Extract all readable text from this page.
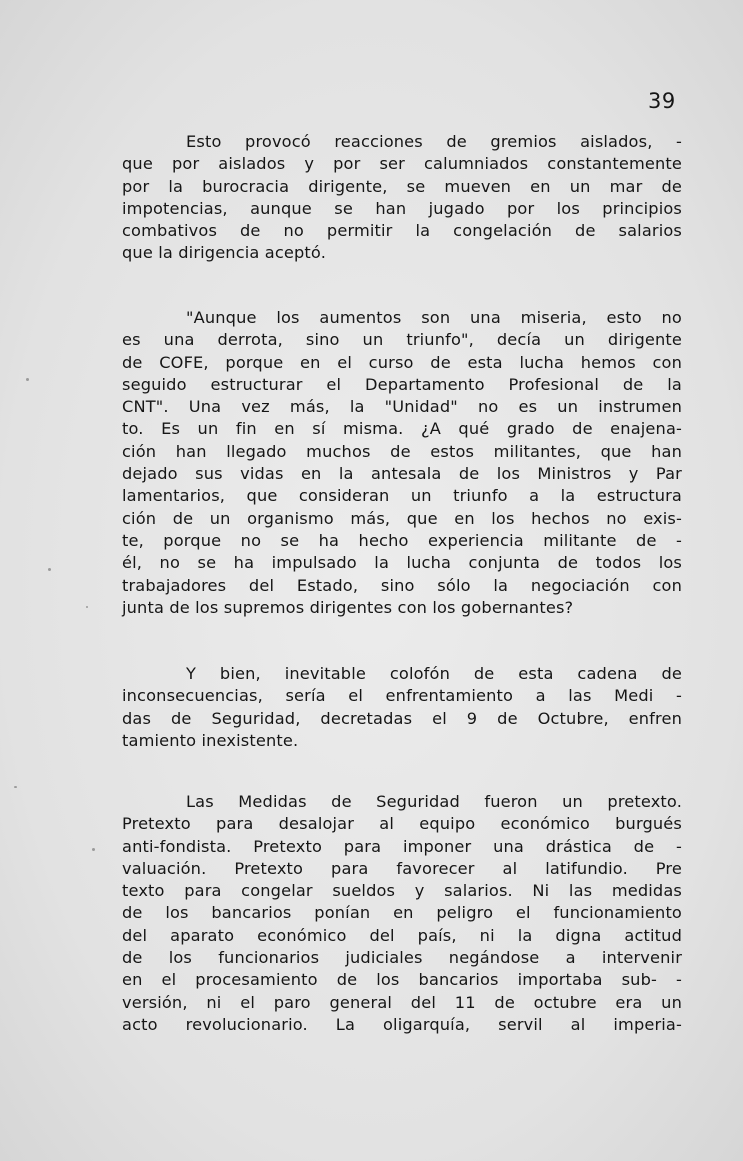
39
Esto provocó reacciones de gremios aislados, -
que por aislados y por ser calumniados constantemente
por la burocracia dirigente, se mueven en un mar de
impotencias, aunque se han jugado por los principios
combativos de no permitir la congelación de salarios
que la dirigencia aceptó.
"Aunque los aumentos son una miseria, esto no
es una derrota, sino un triunfo", decía un dirigente
de COFE, porque en el curso de esta lucha hemos con
seguido estructurar el Departamento Profesional de la
CNT". Una vez más, la "Unidad" no es un instrumen
to. Es un fin en sí misma. ¿A qué grado de enajena-
ción han llegado muchos de estos militantes, que han
dejado sus vidas en la antesala de los Ministros y Par
lamentarios, que consideran un triunfo a la estructura
ción de un organismo más, que en los hechos no exis-
te, porque no se ha hecho experiencia militante de -
él, no se ha impulsado la lucha conjunta de todos los
trabajadores del Estado, sino sólo la negociación con
junta de los supremos dirigentes con los gobernantes?
Y bien, inevitable colofón de esta cadena de
inconsecuencias, sería el enfrentamiento a las Medi -
das de Seguridad, decretadas el 9 de Octubre, enfren
tamiento inexistente.
Las Medidas de Seguridad fueron un pretexto.
Pretexto para desalojar al equipo económico burgués
anti-fondista. Pretexto para imponer una drástica de -
valuación. Pretexto para favorecer al latifundio. Pre
texto para congelar sueldos y salarios. Ni las medidas
de los bancarios ponían en peligro el funcionamiento
del aparato económico del país, ni la digna actitud
de los funcionarios judiciales negándose a intervenir
en el procesamiento de los bancarios importaba sub- -
versión, ni el paro general del 11 de octubre era un
acto revolucionario. La oligarquía, servil al imperia-
